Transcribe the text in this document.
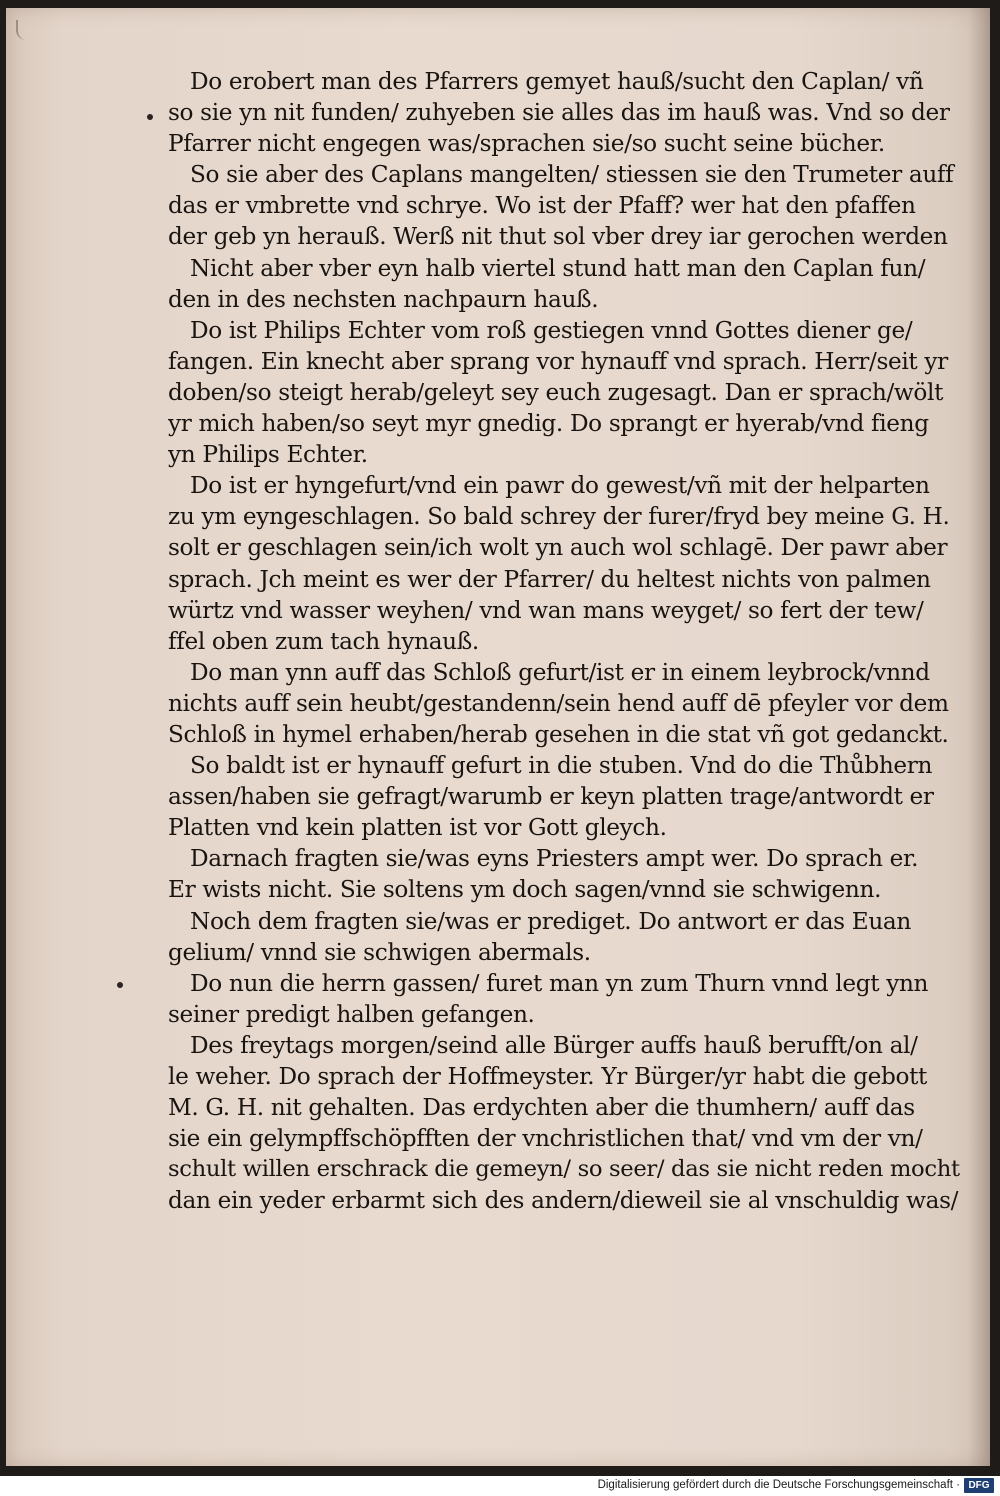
Do erobert man des Pfarrers gemyet hauß/sucht den Caplan/ vñ
so sie yn nit funden/ zuhyeben sie alles das im hauß was. Vnd so der
Pfarrer nicht engegen was/sprachen sie/so sucht seine bücher.
So sie aber des Caplans mangelten/ stiessen sie den Trumeter auff
das er vmbrette vnd schrye. Wo ist der Pfaff? wer hat den pfaffen
der geb yn herauß. Werß nit thut sol vber drey iar gerochen werden
Nicht aber vber eyn halb viertel stund hatt man den Caplan fun/
den in des nechsten nachpaurn hauß.
Do ist Philips Echter vom roß gestiegen vnnd Gottes diener ge/
fangen. Ein knecht aber sprang vor hynauff vnd sprach. Herr/seit yr
doben/so steigt herab/geleyt sey euch zugesagt. Dan er sprach/wölt
yr mich haben/so seyt myr gnedig. Do sprangt er hyerab/vnd fieng
yn Philips Echter.
Do ist er hyngefurt/vnd ein pawr do gewest/vñ mit der helparten
zu ym eyngeschlagen. So bald schrey der furer/fryd bey meine G. H.
solt er geschlagen sein/ich wolt yn auch wol schlagē. Der pawr aber
sprach. Jch meint es wer der Pfarrer/ du heltest nichts von palmen
würtz vnd wasser weyhen/ vnd wan mans weyget/ so fert der tew/
ffel oben zum tach hynauß.
Do man ynn auff das Schloß gefurt/ist er in einem leybrock/vnnd
nichts auff sein heubt/gestandenn/sein hend auff dē pfeyler vor dem
Schloß in hymel erhaben/herab gesehen in die stat vñ got gedanckt.
So baldt ist er hynauff gefurt in die stuben. Vnd do die Thůbhern
assen/haben sie gefragt/warumb er keyn platten trage/antwordt er
Platten vnd kein platten ist vor Gott gleych.
Darnach fragten sie/was eyns Priesters ampt wer. Do sprach er.
Er wists nicht. Sie soltens ym doch sagen/vnnd sie schwigenn.
Noch dem fragten sie/was er prediget. Do antwort er das Euan
gelium/ vnnd sie schwigen abermals.
Do nun die herrn gassen/ furet man yn zum Thurn vnnd legt ynn
seiner predigt halben gefangen.
Des freytags morgen/seind alle Bürger auffs hauß berufft/on al/
le weher. Do sprach der Hoffmeyster. Yr Bürger/yr habt die gebott
M. G. H. nit gehalten. Das erdychten aber die thumhern/ auff das
sie ein gelympffschöpfften der vnchristlichen that/ vnd vm der vn/
schult willen erschrack die gemeyn/ so seer/ das sie nicht reden mocht
dan ein yeder erbarmt sich des andern/dieweil sie al vnschuldig was/
Digitalisierung gefördert durch die Deutsche Forschungsgemeinschaft · DFG
